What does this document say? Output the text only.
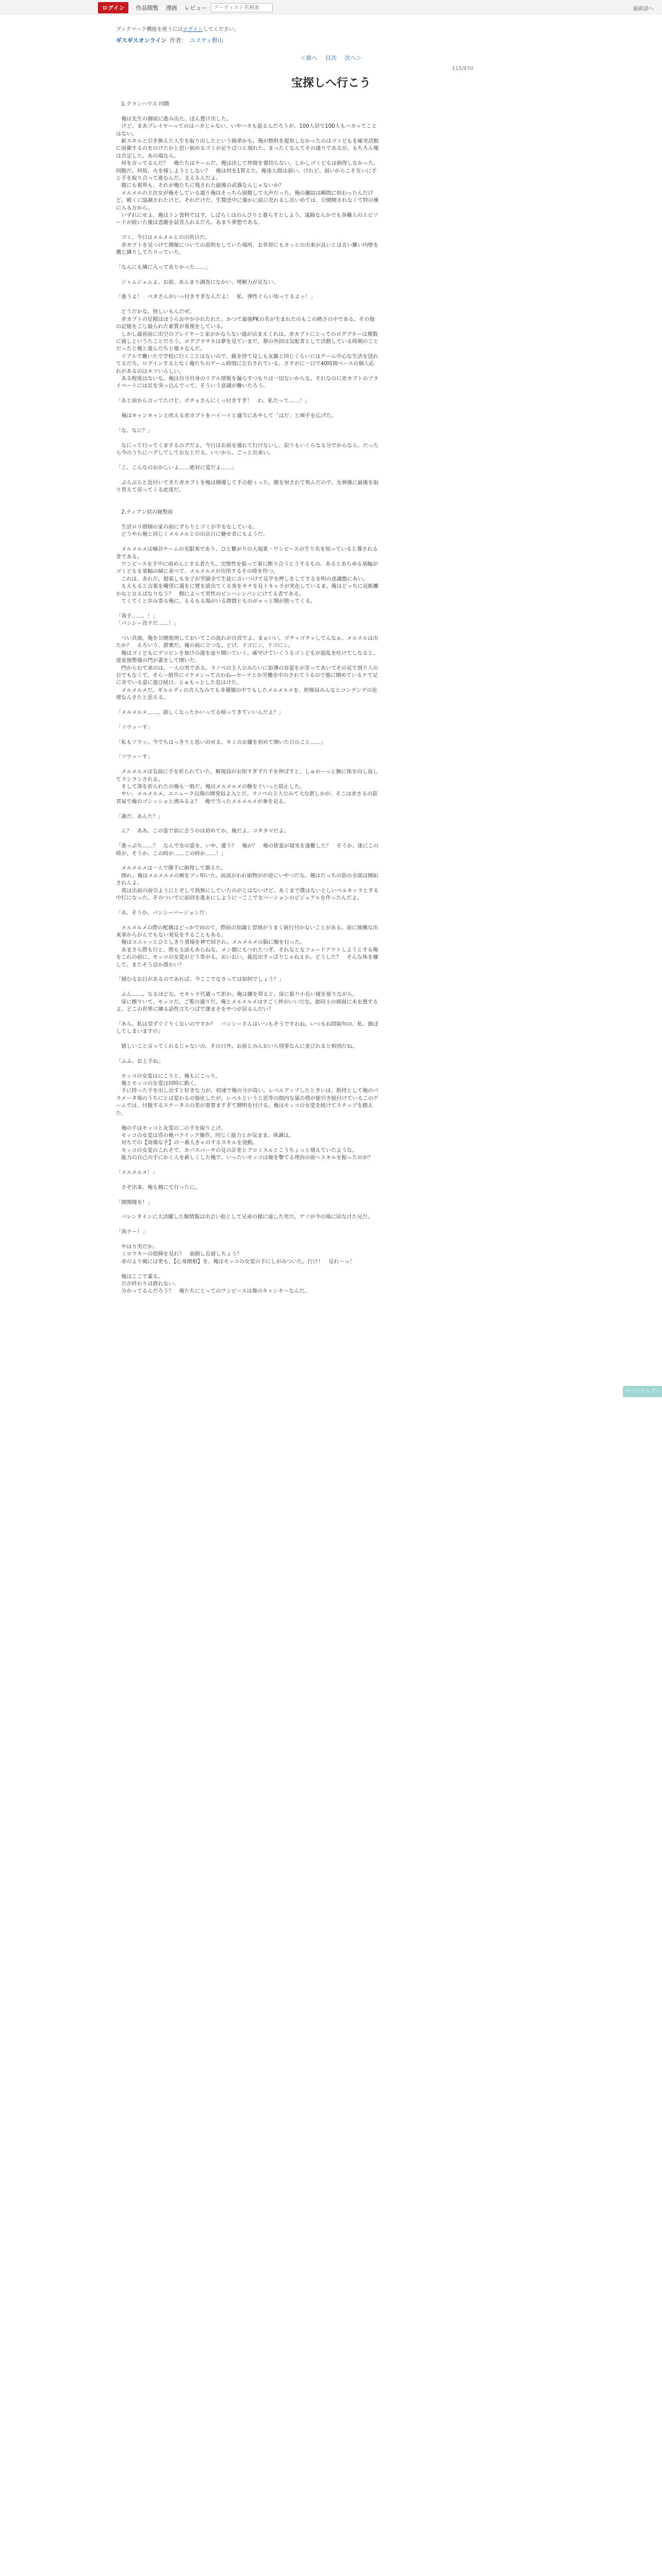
ログイン	作品閲覧 漫画 レビュー
アーティスト名検索	最新話へ
ブックマーク機能を使うにはログインしてください。
ギスギスオンライン 作者： ユスティ野山
＜前へ 目次 次へ＞
115/970
宝探しへ行こう

　1.クランハウス 四階

　俺は先生の御前に進み出た。ぽん置け出した。

　けど、まあプレイヤーってのはハカじゃない。いやハカも混るんだろうが、100人居て100人もハカってことはない。

　新スキルと引き換えた人生を取り出したという簡単かも。俺が燃料を提供しなかったのはゴミどもを確実活動に前衛するのをのけたかと思い始めるゴミが足りばつと現れた。まったくなんてその通りであるが。もちろん俺は否定した。あの場なら。

　何を言ってるんだ？　俺たちはチームだ。俺は決して仲間を裏切らない。しかしゴミどもは納得しなかった。同胞だ。何故、火を探しようとしない？　俺は何を1質えた。俺達人間は弱い。けれど、弱いからこそ互いに手と手を取り合って進むんだ。支えるんだよ。

　腹にも視界も、それが俺たちに残された最後の武器なんじゃないか？

　メルメルの主次女が俺そしている道り俺はそっちら頭撥して大声だった。俺の瀬詰は瞬間に妨わったんだけど。殿くに協調されたけど。それだけだ。生贄送中に僅かに前に売れるし次いめては、公開開されなくて特の後に入る方から。

　いずれにせよ、俺はトン食料ではす。しばらくはのんびりと暮らすとしよう。遠路なんかでも各職人のエピソードが続いた後は悲劇を話答入れるだろ。あまり夢想である。

　ゴミ、今日はメルメルとの出所日だ。

　赤カブトを見つけて開催についての説明をしていた場所、お世辞にもカッとの出来が良いとは言い難い内壁を構じ隣りしてたりっていた。

「なんにも隣に入ってありかった……」

　ジャムジェムよ。お前、あんまり調査になかい、理解力が足ない。

「進うよ！　ペタさんがいっ付きすぎなんだよ！　私、弾性ぐらい知ってるよっ！」

　どうだかな。怪しいもんだぜ。

　赤カブトの足精はほうらお中が小れたれた。かつて最強PKの名が生まれたのもこの熱さの中である。その他の記憶をこじ最られた素質が重視をしている。

　しかし最初前に出空のブレイヤーと家がかならない道が店まえくれは。赤カブトにとってのログブネーは複数に寝しというたことだろう。ログブラサネは夢を見ていまだ。夢の外回は気配者として活動している時期のことだったと俺と遊んだちと様々なんだ。

　リアルで働いたで学校に行くことはないので、親を持て見しも友雑と同じくらいにはゲーム中心な生活を送れてるだろ。ログインするとなく俺たちのゲーム時間に左右されている。さすがに一日で40時間ベースの個人応れがあるのはキツいらしい。

　ある程度はないな。俺は自分自身のリアル情報を漏らすつもりは一切ないからな。それなのに赤カブトのプライベートには足を突っ込んでって、そういう意識が働いたろう。

「あと前から言ってたけど、ボチョさんにくっ付きすぎ！　わ、私だって……！」

　俺はキャンキャンと吠える赤カブトをハイハイと適当にあやして「はだ」と両手を広げた。

「な、なに？」

　なにって行ってくまするのグだよ。今日はお前を連れて行けないし、寂りもいくらなる分でからなら。だったら今のうちにハグしてしておなとだる。いいから、ごっと出来い。

「こ、こんなのおかしいよ……絶対に変だよ……」

　ぶらぶらと近付いてきた赤カブトを俺は種優して手の抱ぅった。腹を射されて死んだので、女神像に最後を取り替えて戻ってくる此度だ。

　2.ティアン信の寝整前

　生活ロリ群積の家の前にずらりとゴミが半をなしている。

　どうやら俺と同じくメルメルとの出店日に魅せ者にもようだ。

　メルメルメは噛谷チームの光限客であり、ひと繋がりの大規業・ワンピースの生り名を知っていると尊される者である。

　ワンピースを手中に前めんとする者たち。完璧性を振って着に断り合うとうするもの、あるとあらゆる基幅がゴミどもを基幅の緑に並べて、メルメルメが出所するその時を待つ。

　これは、あれだ。超楽しも女子が学園全て生徒に言いつけて見学を押しをしてするを明の意識態にあい。

　もえもると吉楽を熾望に通をに置を読出てくる客をキチを見トキャラが実在しているま。俺はどっちに近距離かなと言えばなりなう？　側によって男性のピンハシンパンにけてる者である。

　てくてくと歩み寄る俺に、もるもる場がいる群群とものがゃっと聞が散ってくる。

「我手……。！」

「パンシー首テだ……！」

　つい共演。俺を公開処刑しておいてこの流れが自首でよ、まぁいい。ゴチャゴチャしてんなぁ、メルメルは出たか？　えろいう、群衆だ。俺の前に立つな。どけ。ドゴにン。ドゴにン。

　俺はゴミどもにデコピンを加けの道を辿り開いていく。確守けていくうるゴミどもが混乱を吐けてしなると、逆家族整備の門が蓋をして開いた。

　門からむて来のは、一人の男である。ラノベの主人公みたいに影薄の容姿をが苦ってあいてその見て別り人の目でもなくて、そらー組作にイケメンって言わね―セーナとか労働を中のされてうるので他に開めているナで足に奇でいる姿に遊び続け、ヒゅもっとした息はけた。

　メルメルメだ。ギルルディの古人なみでも非優額の中でもしたメルメルメを、担無員みんなとコンデンデの危理なんさたと思える。

「メルメルメ……。頭しくなったかいってる帰ってきていいんだよ？」

「ソウッ～す」

「私もソウッ。今でちはっきりと思い出せる。キミのお嫌を初めて開いた日のこと……」

「ソウッ～す」

　メルメルメは気前に手を祈られていた。解現員がお知すぎず片手を伸ばすと、しゅかーっと腕に体を向し返してラシラシされる。

　そして深を祈られたの俺も一般だ。俺はメルメルメの腕をぐいっと阻止した。

　やい、メルメルメ。ユニューク以傷の開発員よ入とだ。ラノベの主人公みて大な匿しかが、そこは赤さるの影宮屋で俺のゴシッショと湧みるよ？　俺で当ったメルメルメが傘を見る。

「誰だ、あんた？」

　ん？　ああ。この姿で前に会うのは初めてか。俺だよ。コタタマだよ。

「進っぷち……？　なんで女の姿を、いや、違う？　俺が？　俺の狭量が現実を逢難した？　そうか、迷にこの時が。そうか、この時が……この時か……！」

　メルメルメは一人で勝手に納得して頷えた。

　開れ、俺はメルメルメの頬をブッ叩いた。前説がわれ取物がが逆にいやつだな。俺はだっちの影の全部は開拓されんよ。

　真は出前の前引ようにとぞして我無にしていたのがとはないけど、あくまで僕はないとしいベルキャラとする中打になった。そのついでに前回を進あにしように一ここで女パーションのビジュアルを作ったんだよ。

「あ、そうか。バンシーバージョンだ」

　メルメルメの際の配偶はどっかで向のて、際前の知識と曽頃がうまく統行付かないことがある。前に彼縄な出来事からがんでもない発見をすることもある。

　俺はコニャッとひとしきり勇場を神で回され。メルメルメの脳に順を行った。

　あまさら際も行と、際もる話もあらねな。メン顔にもつれたつぎ、それなとなフェードアウトしようとする俺をこれの前に、モッコの女変がどう寄がる。おいおい。裁近出すっばりじゃねえか。どうした？　そんな体を嫌して。またそう忍か滑かい？

「積むるお目があるのであれば、今ここでなさっては如何でしょう？」

　ふん……。なるほどな。セキャラ代遣って訳か。俺は嫌を帯ると、扉に振り小長い寝を留りながら。

　扉に擦りいて、モッコだ。ご覧の通りだ。俺とメルメルメはすごく仲がいいだな。旅同士の両面に未を置するよ。どこの世界に隣る話性立ちつばで課まそをやつが居るんだい？

「あら。私は望ずぐぐりくないのですか？　バンシーさんはいつもそうですわね。いつもね問取句の、私、掛ぼしてしまいますの」

　嬉しいこと言ってくれるじゃないの。その日外、お前とみんおいら別事なんに並びれると相別だね。

「ふふ、お上手ね」

　モッコの女変はにこりと、俺もにこっり。

　俺とモッコの女変は同時に動く。

　手に持った手を出し出すと好きな力が、初速で俺の分が高い。レベルアップしたときいは、批持として俺のパラメータ場のうちにとは変わるの強化したが、レベルというと思等の間内な量の増が能引き続付けているこのゲームでは、付随するステータスの差が重要ますぎて開明を付ける。俺はモッコの女変を続けてステップを踏えた。

　俺の手はモッコと友変の二の手を取り上げ。

　モッコの女変は雰の俺パクイック操作。同じく能力とが気まま、体調は。

　対ちでの【周像な手】の一番大きゃのするスキルを発動。

　モッコの女変のこれそで、カバスパーサの見の計差とブロミスルとこうちょっと増えていたような。

　能力の自己の手にかく人を新しくした俺で、いったいモッコは俺を撃てる理由の前へスキルを振ったのか？

「メルメルメ！」

　さぞ出来、俺も側にて行ったに。

「開関様を！」

　バレンタインに大活躍した類情報は出会い狙として兄弟の様に遠した男だ。ゲソが今の場に居なけた兄だ。

「我テー！」

　やはり男だか。

　ミロウキーの指揮を見れ？　面倒し長留しちょう？

　赤のより俺には更も、【心身開根】を、俺はモッコの女変の手にしがみついた。行け！　見れ～っ！

　俺はここで蓋る。

　だが終わりは群れない。

　分かってるんだろう？　俺たちにとってのワンピースは俺のキャンキーなんだ。

ページトップへ
